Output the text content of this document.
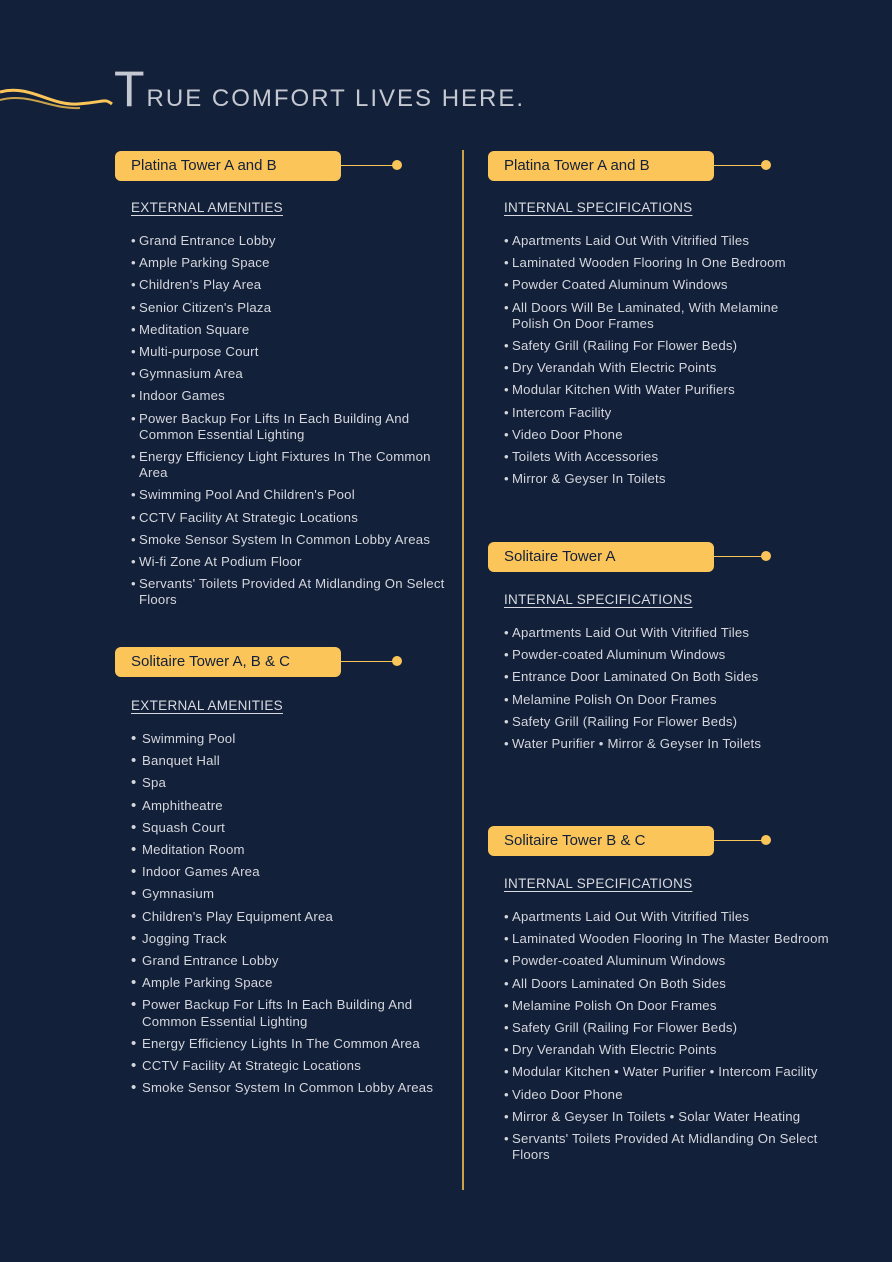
TRUE COMFORT LIVES HERE.
Platina Tower A and B
EXTERNAL AMENITIES
• Grand Entrance Lobby
• Ample Parking Space
• Children's Play Area
• Senior Citizen's Plaza
• Meditation Square
• Multi-purpose Court
• Gymnasium Area
• Indoor Games
• Power Backup For Lifts In Each Building And Common Essential Lighting
• Energy Efficiency Light Fixtures In The Common Area
• Swimming Pool And Children's Pool
• CCTV Facility At Strategic Locations
• Smoke Sensor System In Common Lobby Areas
• Wi-fi Zone At Podium Floor
• Servants' Toilets Provided At Midlanding On Select Floors
Solitaire Tower A, B & C
EXTERNAL AMENITIES
• Swimming Pool
• Banquet Hall
• Spa
• Amphitheatre
• Squash Court
• Meditation Room
• Indoor Games Area
• Gymnasium
• Children's Play Equipment Area
• Jogging Track
• Grand Entrance Lobby
• Ample Parking Space
• Power Backup For Lifts In Each Building And Common Essential Lighting
• Energy Efficiency Lights In The Common Area
• CCTV Facility At Strategic Locations
• Smoke Sensor System In Common Lobby Areas
Platina Tower A and B
INTERNAL SPECIFICATIONS
• Apartments Laid Out With Vitrified Tiles
• Laminated Wooden Flooring In One Bedroom
• Powder Coated Aluminum Windows
• All Doors Will Be Laminated, With Melamine Polish On Door Frames
• Safety Grill (Railing For Flower Beds)
• Dry Verandah With Electric Points
• Modular Kitchen With Water Purifiers
• Intercom Facility
• Video Door Phone
• Toilets With Accessories
• Mirror & Geyser In Toilets
Solitaire Tower A
INTERNAL SPECIFICATIONS
• Apartments Laid Out With Vitrified Tiles
• Powder-coated Aluminum Windows
• Entrance Door Laminated On Both Sides
• Melamine Polish On Door Frames
• Safety Grill (Railing For Flower Beds)
• Water Purifier • Mirror & Geyser In Toilets
Solitaire Tower B & C
INTERNAL SPECIFICATIONS
• Apartments Laid Out With Vitrified Tiles
• Laminated Wooden Flooring In The Master Bedroom
• Powder-coated Aluminum Windows
• All Doors Laminated On Both Sides
• Melamine Polish On Door Frames
• Safety Grill (Railing For Flower Beds)
• Dry Verandah With Electric Points
• Modular Kitchen • Water Purifier • Intercom Facility
• Video Door Phone
• Mirror & Geyser In Toilets • Solar Water Heating
• Servants' Toilets Provided At Midlanding On Select Floors
